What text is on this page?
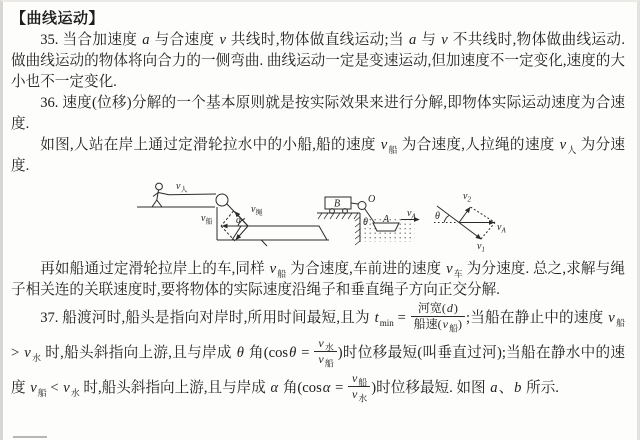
【曲线运动】

35. 当合加速度 a 与合速度 v 共线时,物体做直线运动;当 a 与 v 不共线时,物体做曲线运动. 做曲线运动的物体将向合力的一侧弯曲. 曲线运动一定是变速运动,但加速度不一定变化,速度的大小也不一定变化.

36. 速度(位移)分解的一个基本原则就是按实际效果来进行分解,即物体实际运动速度为合速度.

如图,人站在岸上通过定滑轮拉水中的小船,船的速度 $v_船$ 为合速度,人拉绳的速度 $v_人$ 为分速度.

$v_人$
$v_绳$
$v_船$ α
B	O
θ A
$v_A$ θ
$v_2$
$v_1$
$v_A$

再如船通过定滑轮拉岸上的车,同样 $v_船$ 为合速度,车前进的速度 $v_车$ 为分速度. 总之,求解与绳子相关连的关联速度时,要将物体的实际速度沿绳子和垂直绳子方向正交分解.

37. 船渡河时,船头是指向对岸时,所用时间最短,且为 $t_{min}$ =
河宽(d)
船速$(v_船)$ ;当船在静止中的速度 $v_船 > v_水$ 时,船头斜指向上游,且与岸成 θ 角(cosθ =
$v_水$
$v_船$
)时位移最短(叫垂直过河);当船在静水中的速度 $v_船 < v_水$ 时,船头斜指向上游,且与岸成 α 角(cosα =
$v_船$
$v_水$
)时位移最短. 如图 a、b 所示.
